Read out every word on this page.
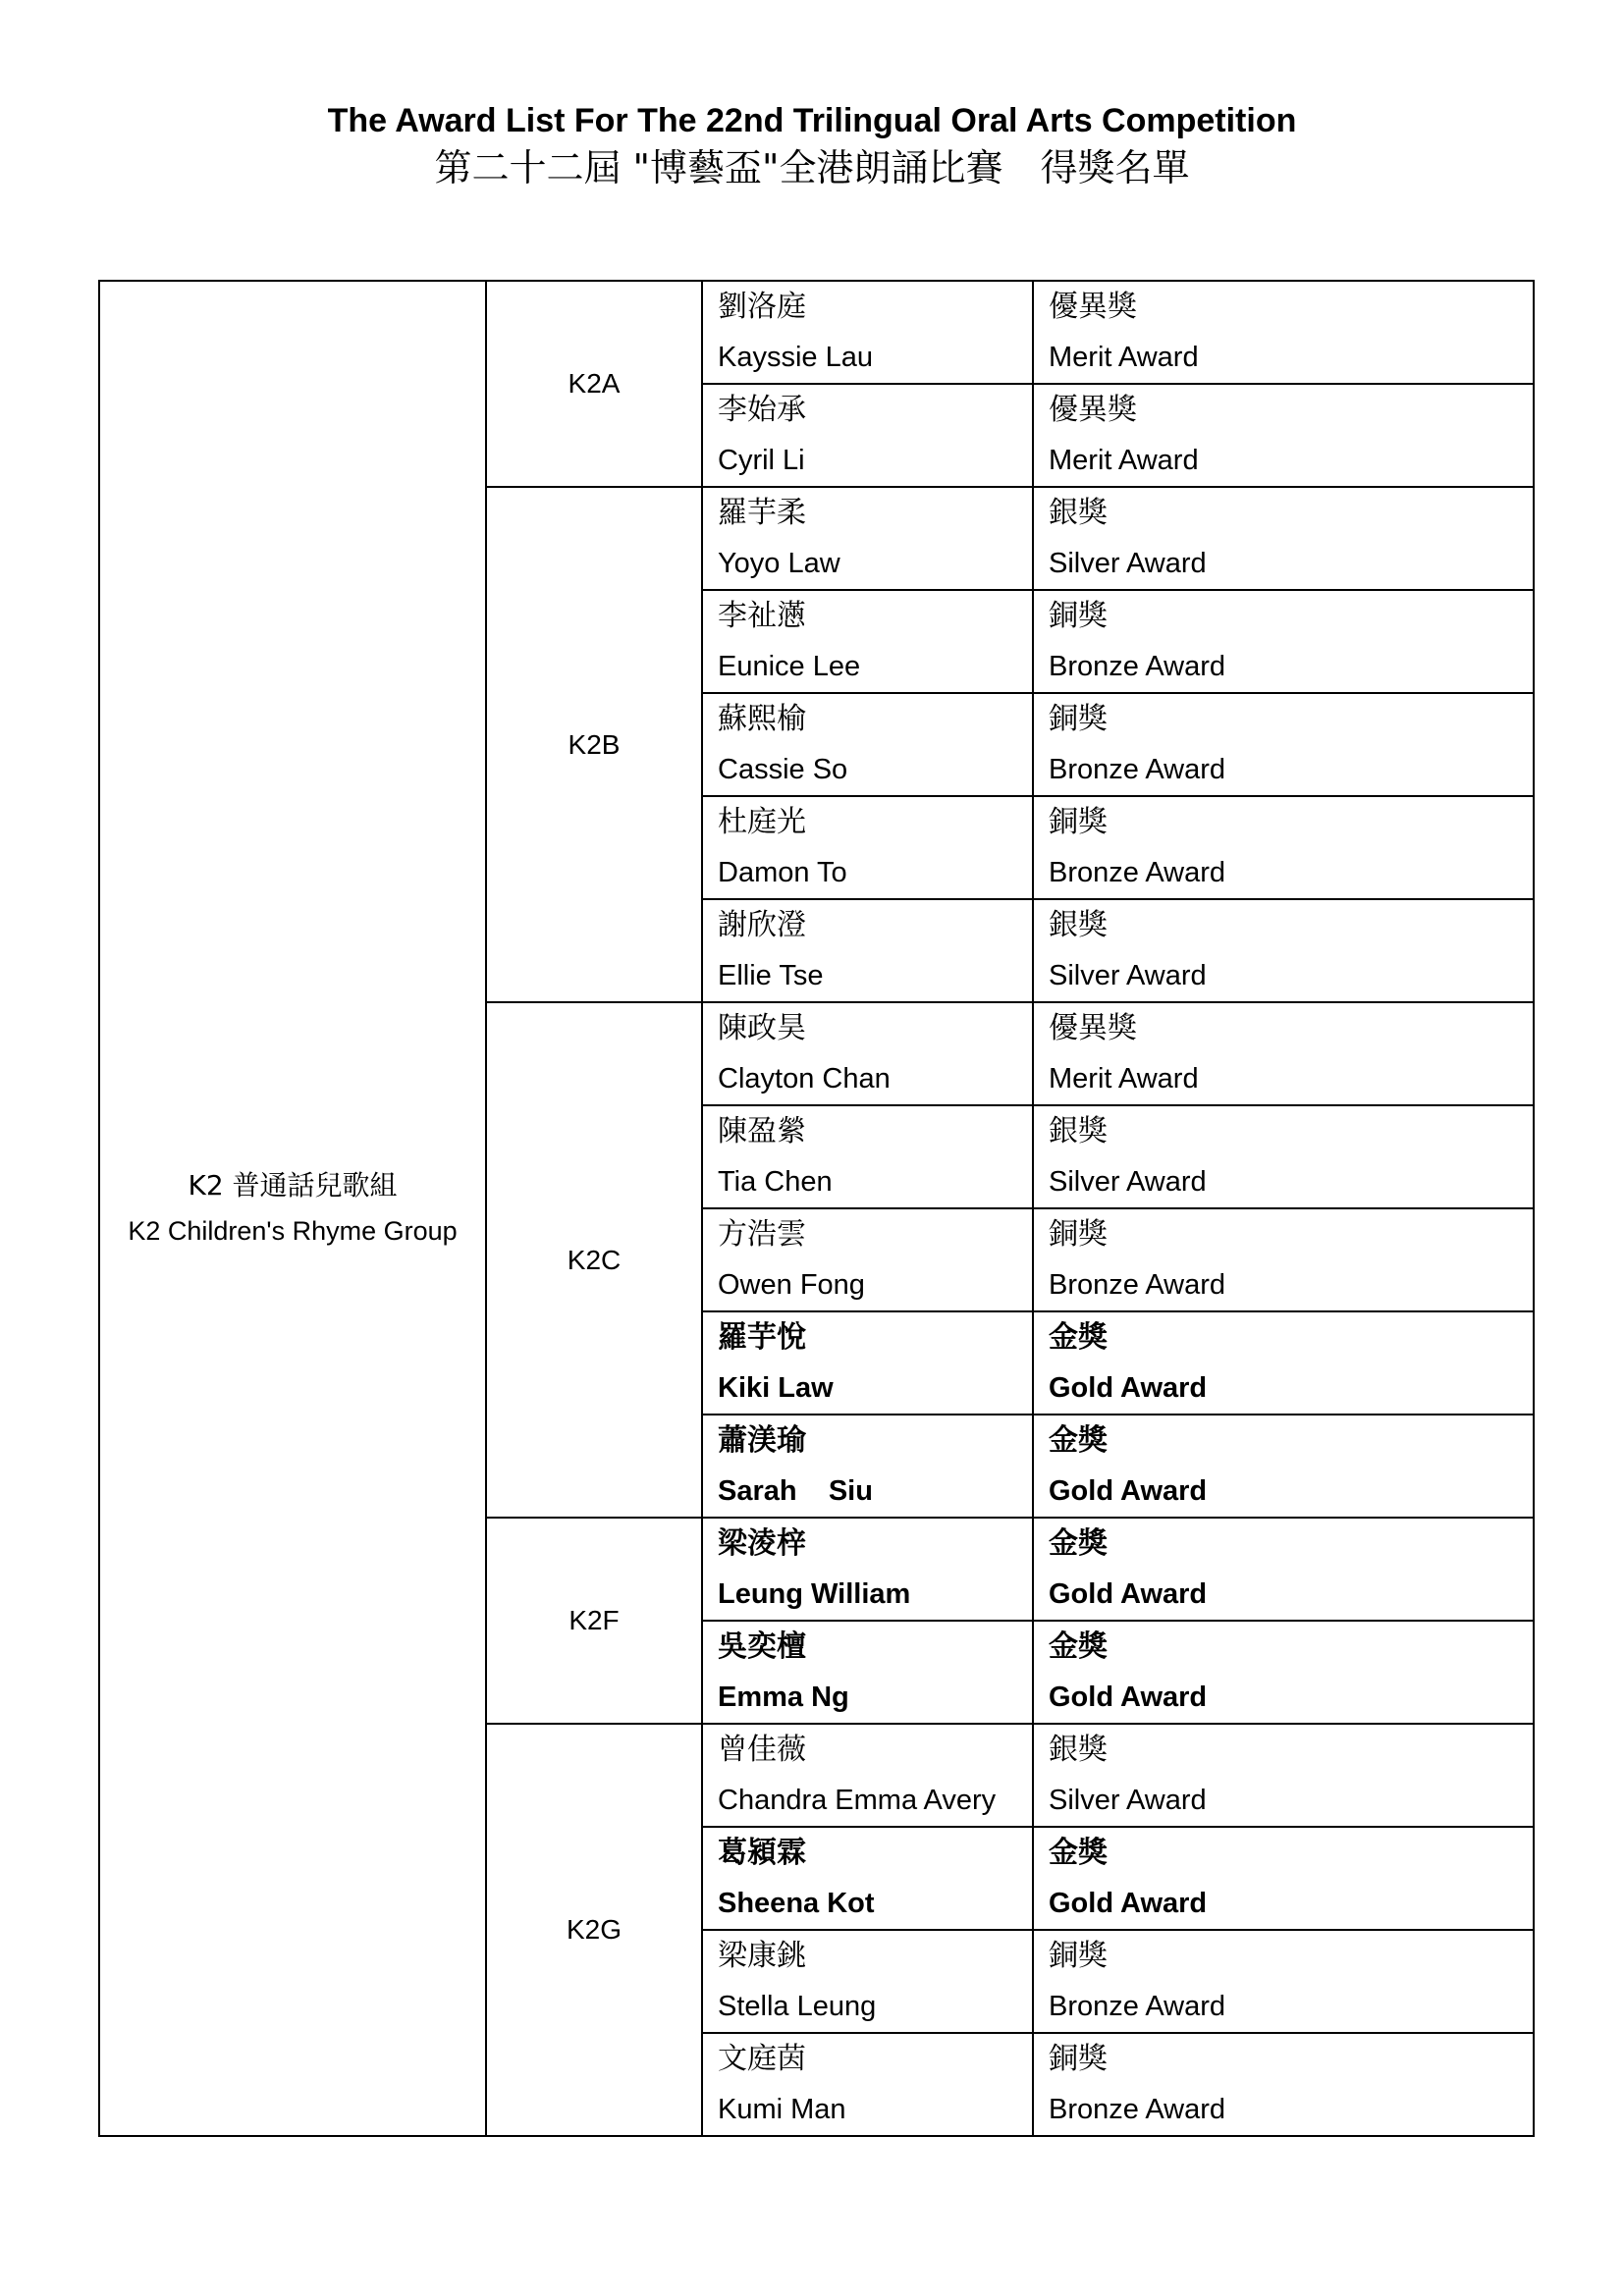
The Award List For The 22nd Trilingual Oral Arts Competition
第二十二屆 "博藝盃"全港朗誦比賽　得獎名單
K2 普通話兒歌組
K2 Children's Rhyme Group	K2A	劉洛庭
Kayssie Lau	優異獎
Merit Award

		李始承
Cyril Li	優異獎
Merit Award

	K2B	羅芋柔
Yoyo Law	銀獎
Silver Award

		李祉懣
Eunice Lee	銅獎
Bronze Award

		蘇熙榆
Cassie So	銅獎
Bronze Award

		杜庭光
Damon To	銅獎
Bronze Award

		謝欣澄
Ellie Tse	銀獎
Silver Award

	K2C	陳政昊
Clayton Chan	優異獎
Merit Award

		陳盈縈
Tia Chen	銀獎
Silver Award

		方浩雲
Owen Fong	銅獎
Bronze Award

		羅芋悅
Kiki Law	金獎
Gold Award

		蕭渼瑜
Sarah    Siu	金獎
Gold Award

	K2F	梁淩梓
Leung William	金獎
Gold Award

		吳奕檀
Emma Ng	金獎
Gold Award

	K2G	曾佳薇
Chandra Emma Avery	銀獎
Silver Award

		葛潁霖
Sheena Kot	金獎
Gold Award

		梁康銚
Stella Leung	銅獎
Bronze Award

		文庭茵
Kumi Man	銅獎
Bronze Award
